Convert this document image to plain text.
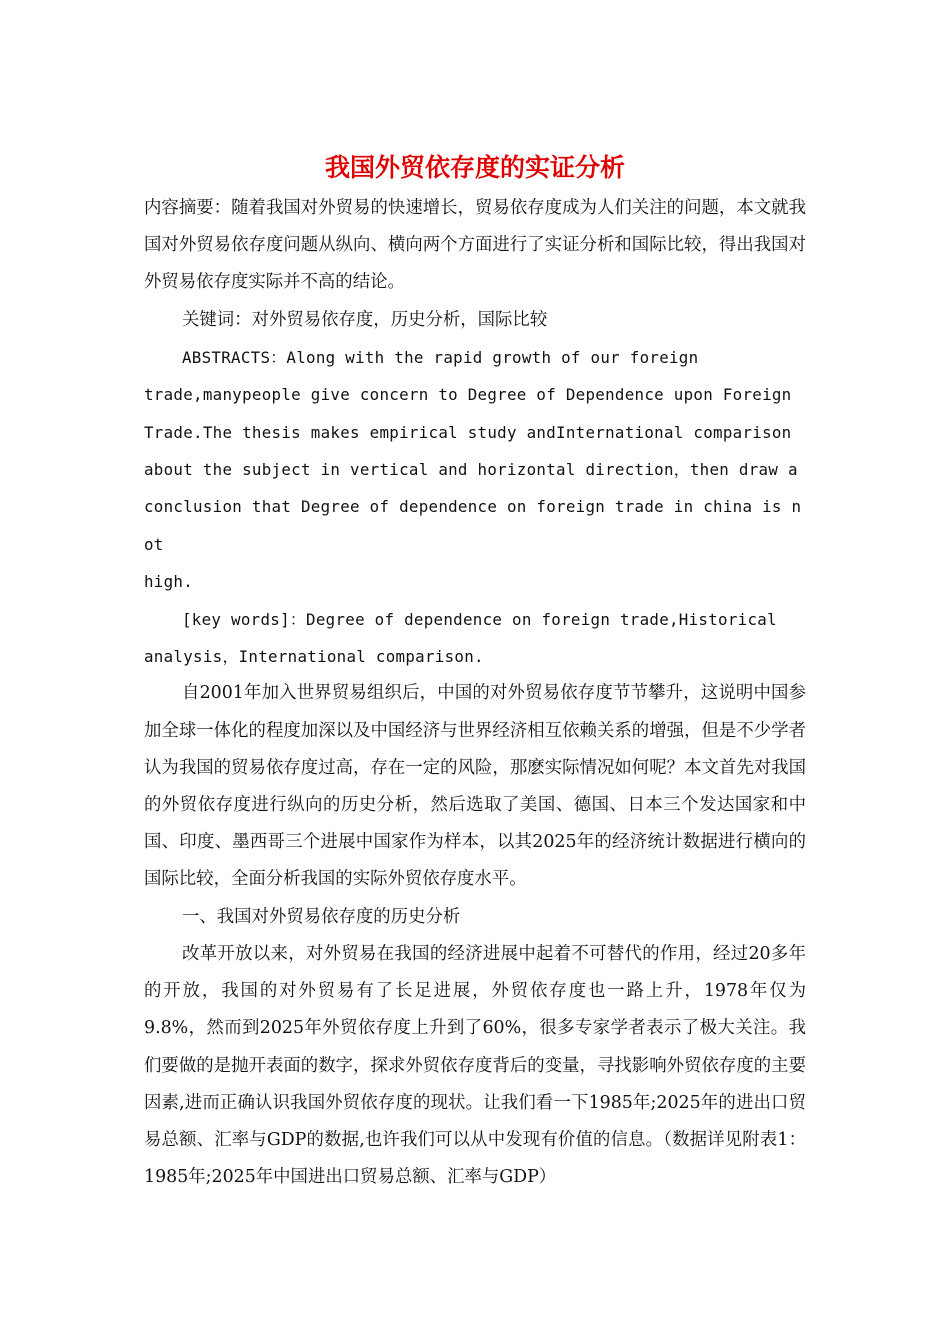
我国外贸依存度的实证分析

内容摘要：随着我国对外贸易的快速增长，贸易依存度成为人们关注的问题，本文就我国对外贸易依存度问题从纵向、横向两个方面进行了实证分析和国际比较，得出我国对外贸易依存度实际并不高的结论。

关键词：对外贸易依存度，历史分析，国际比较

ABSTRACTS：Along with the rapid growth of our foreign
trade,manypeople give concern to Degree of Dependence upon Foreign
Trade.The thesis makes empirical study andInternational comparison
about the subject in vertical and horizontal direction，then draw a
conclusion that Degree of dependence on foreign trade in china is not
high.
[key words]：Degree of dependence on foreign trade,Historical
analysis，International comparison.

自2001年加入世界贸易组织后，中国的对外贸易依存度节节攀升，这说明中国参加全球一体化的程度加深以及中国经济与世界经济相互依赖关系的增强，但是不少学者认为我国的贸易依存度过高，存在一定的风险，那麽实际情况如何呢？本文首先对我国的外贸依存度进行纵向的历史分析，然后选取了美国、德国、日本三个发达国家和中国、印度、墨西哥三个进展中国家作为样本，以其2025年的经济统计数据进行横向的国际比较，全面分析我国的实际外贸依存度水平。

一、我国对外贸易依存度的历史分析

改革开放以来，对外贸易在我国的经济进展中起着不可替代的作用，经过20多年的开放，我国的对外贸易有了长足进展，外贸依存度也一路上升，1978年仅为9.8%，然而到2025年外贸依存度上升到了60%，很多专家学者表示了极大关注。我们要做的是抛开表面的数字，探求外贸依存度背后的变量，寻找影响外贸依存度的主要因素,进而正确认识我国外贸依存度的现状。让我们看一下1985年;2025年的进出口贸易总额、汇率与GDP的数据,也许我们可以从中发现有价值的信息。（数据详见附表1：1985年;2025年中国进出口贸易总额、汇率与GDP）
